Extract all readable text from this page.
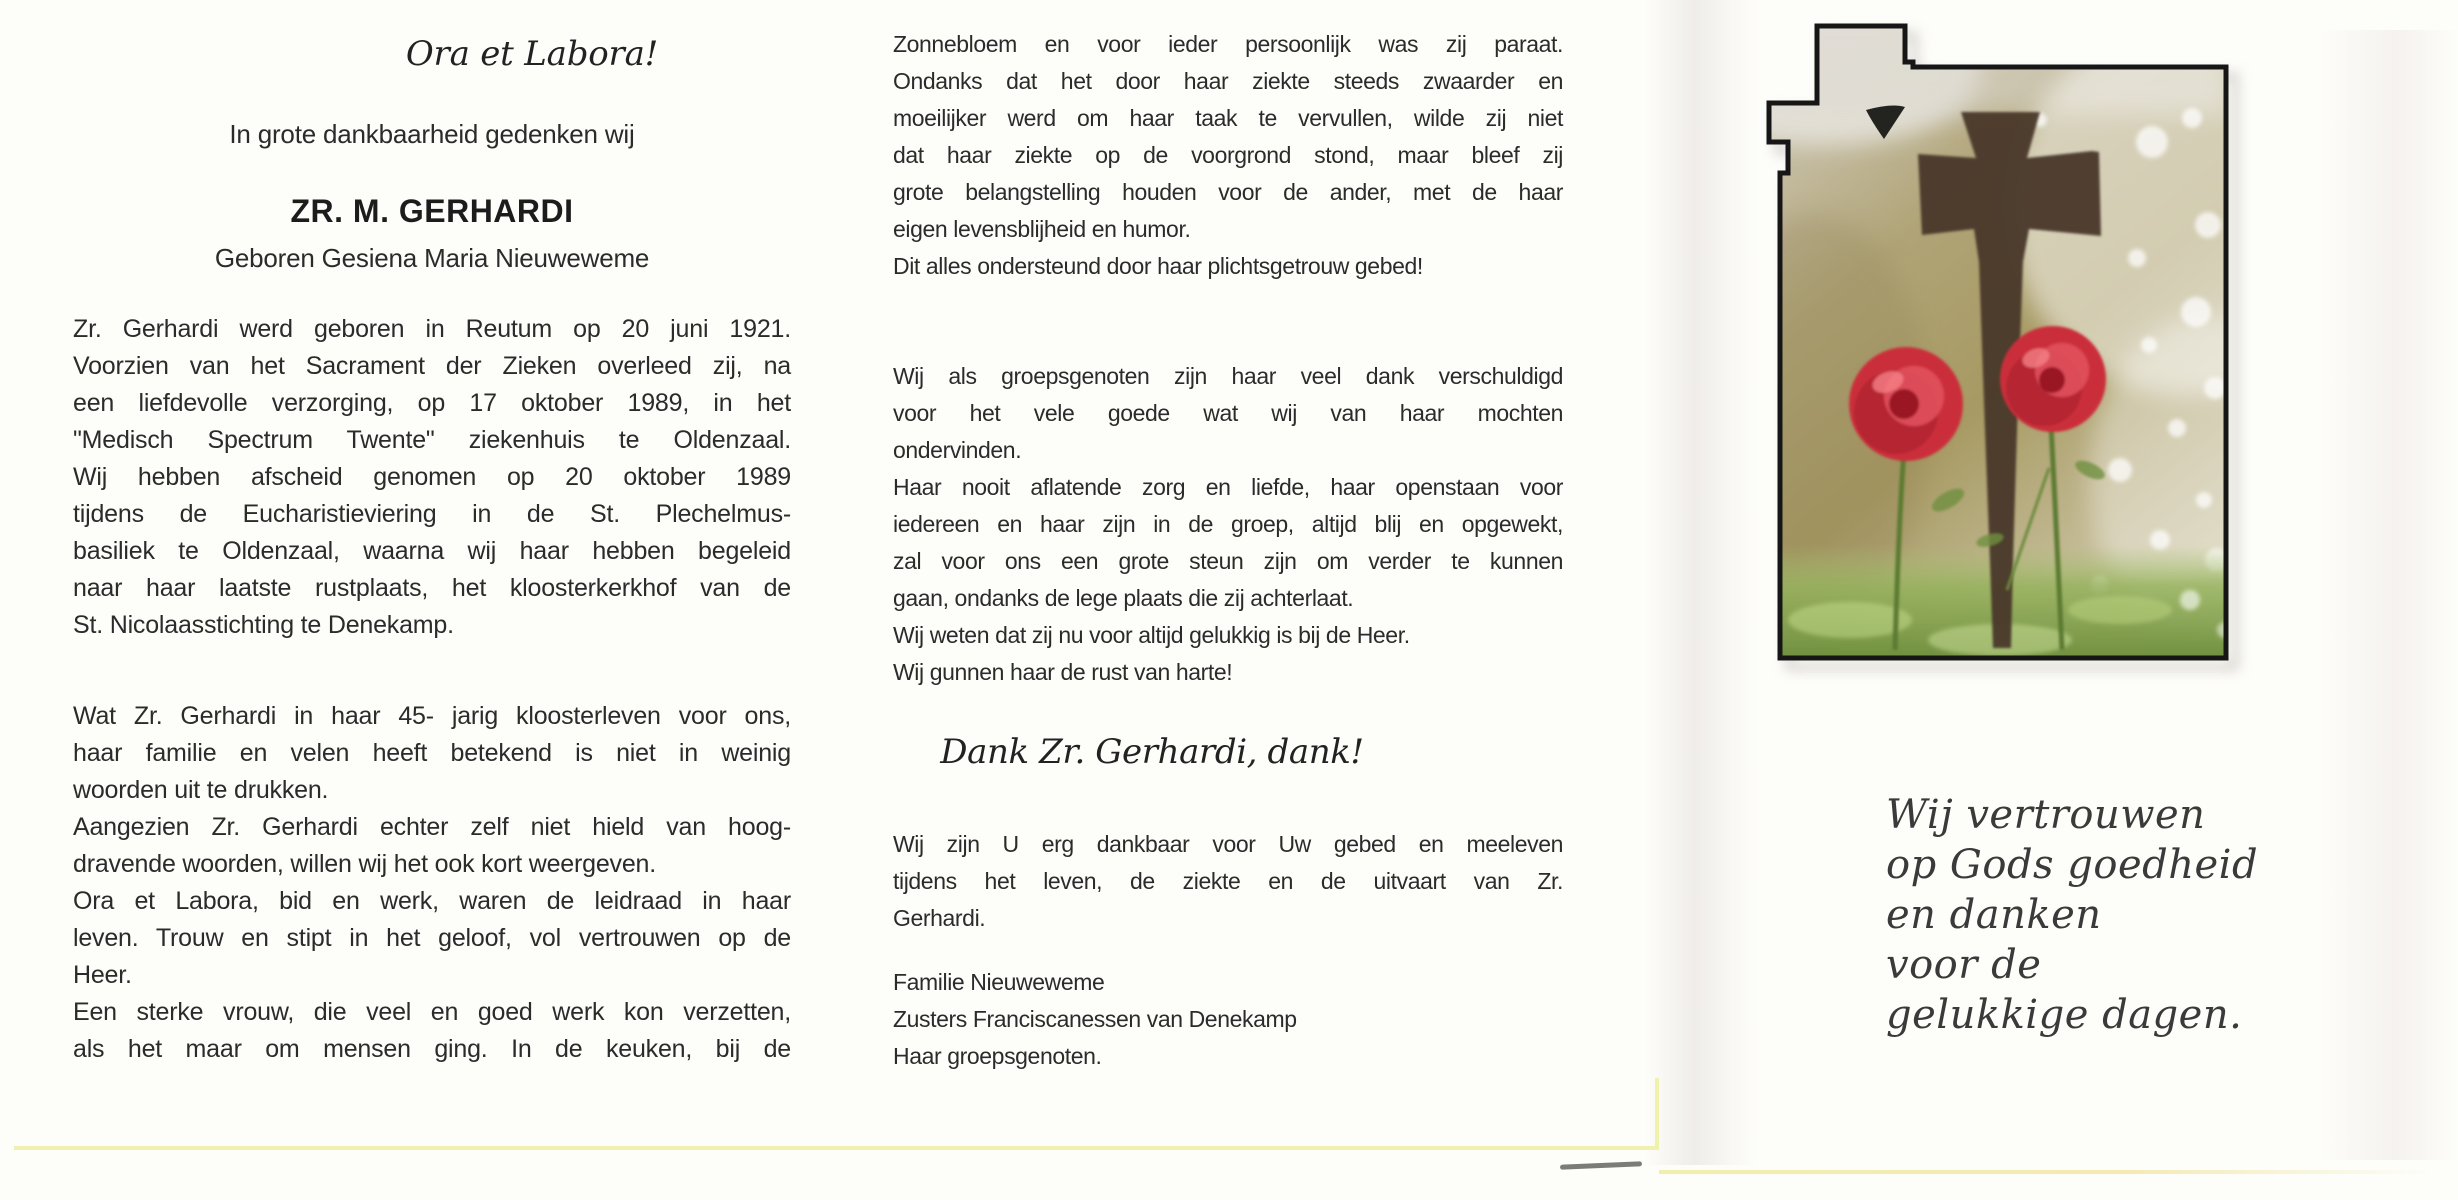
Ora et Labora!
In grote dankbaarheid gedenken wij
ZR. M. GERHARDI
Geboren Gesiena Maria Nieuweweme
Zr. Gerhardi werd geboren in Reutum op 20 juni 1921.
Voorzien van het Sacrament der Zieken overleed zij, na
een liefdevolle verzorging, op 17 oktober 1989, in het
"Medisch Spectrum Twente" ziekenhuis te Oldenzaal.
Wij hebben afscheid genomen op 20 oktober 1989
tijdens de Eucharistieviering in de St. Plechelmus-
basiliek te Oldenzaal, waarna wij haar hebben begeleid
naar haar laatste rustplaats, het kloosterkerkhof van de
St. Nicolaasstichting te Denekamp.
Wat Zr. Gerhardi in haar 45- jarig kloosterleven voor ons,
haar familie en velen heeft betekend is niet in weinig
woorden uit te drukken.
Aangezien Zr. Gerhardi echter zelf niet hield van hoog-
dravende woorden, willen wij het ook kort weergeven.
Ora et Labora, bid en werk, waren de leidraad in haar
leven. Trouw en stipt in het geloof, vol vertrouwen op de
Heer.
Een sterke vrouw, die veel en goed werk kon verzetten,
als het maar om mensen ging. In de keuken, bij de
Zonnebloem en voor ieder persoonlijk was zij paraat.
Ondanks dat het door haar ziekte steeds zwaarder en
moeilijker werd om haar taak te vervullen, wilde zij niet
dat haar ziekte op de voorgrond stond, maar bleef zij
grote belangstelling houden voor de ander, met de haar
eigen levensblijheid en humor.
Dit alles ondersteund door haar plichtsgetrouw gebed!
Wij als groepsgenoten zijn haar veel dank verschuldigd
voor het vele goede wat wij van haar mochten
ondervinden.
Haar nooit aflatende zorg en liefde, haar openstaan voor
iedereen en haar zijn in de groep, altijd blij en opgewekt,
zal voor ons een grote steun zijn om verder te kunnen
gaan, ondanks de lege plaats die zij achterlaat.
Wij weten dat zij nu voor altijd gelukkig is bij de Heer.
Wij gunnen haar de rust van harte!
Dank Zr. Gerhardi, dank!
Wij zijn U erg dankbaar voor Uw gebed en meeleven
tijdens het leven, de ziekte en de uitvaart van Zr.
Gerhardi.
Familie Nieuweweme
Zusters Franciscanessen van Denekamp
Haar groepsgenoten.
Wij vertrouwen
op Gods goedheid
en danken
voor de
gelukkige dagen.
